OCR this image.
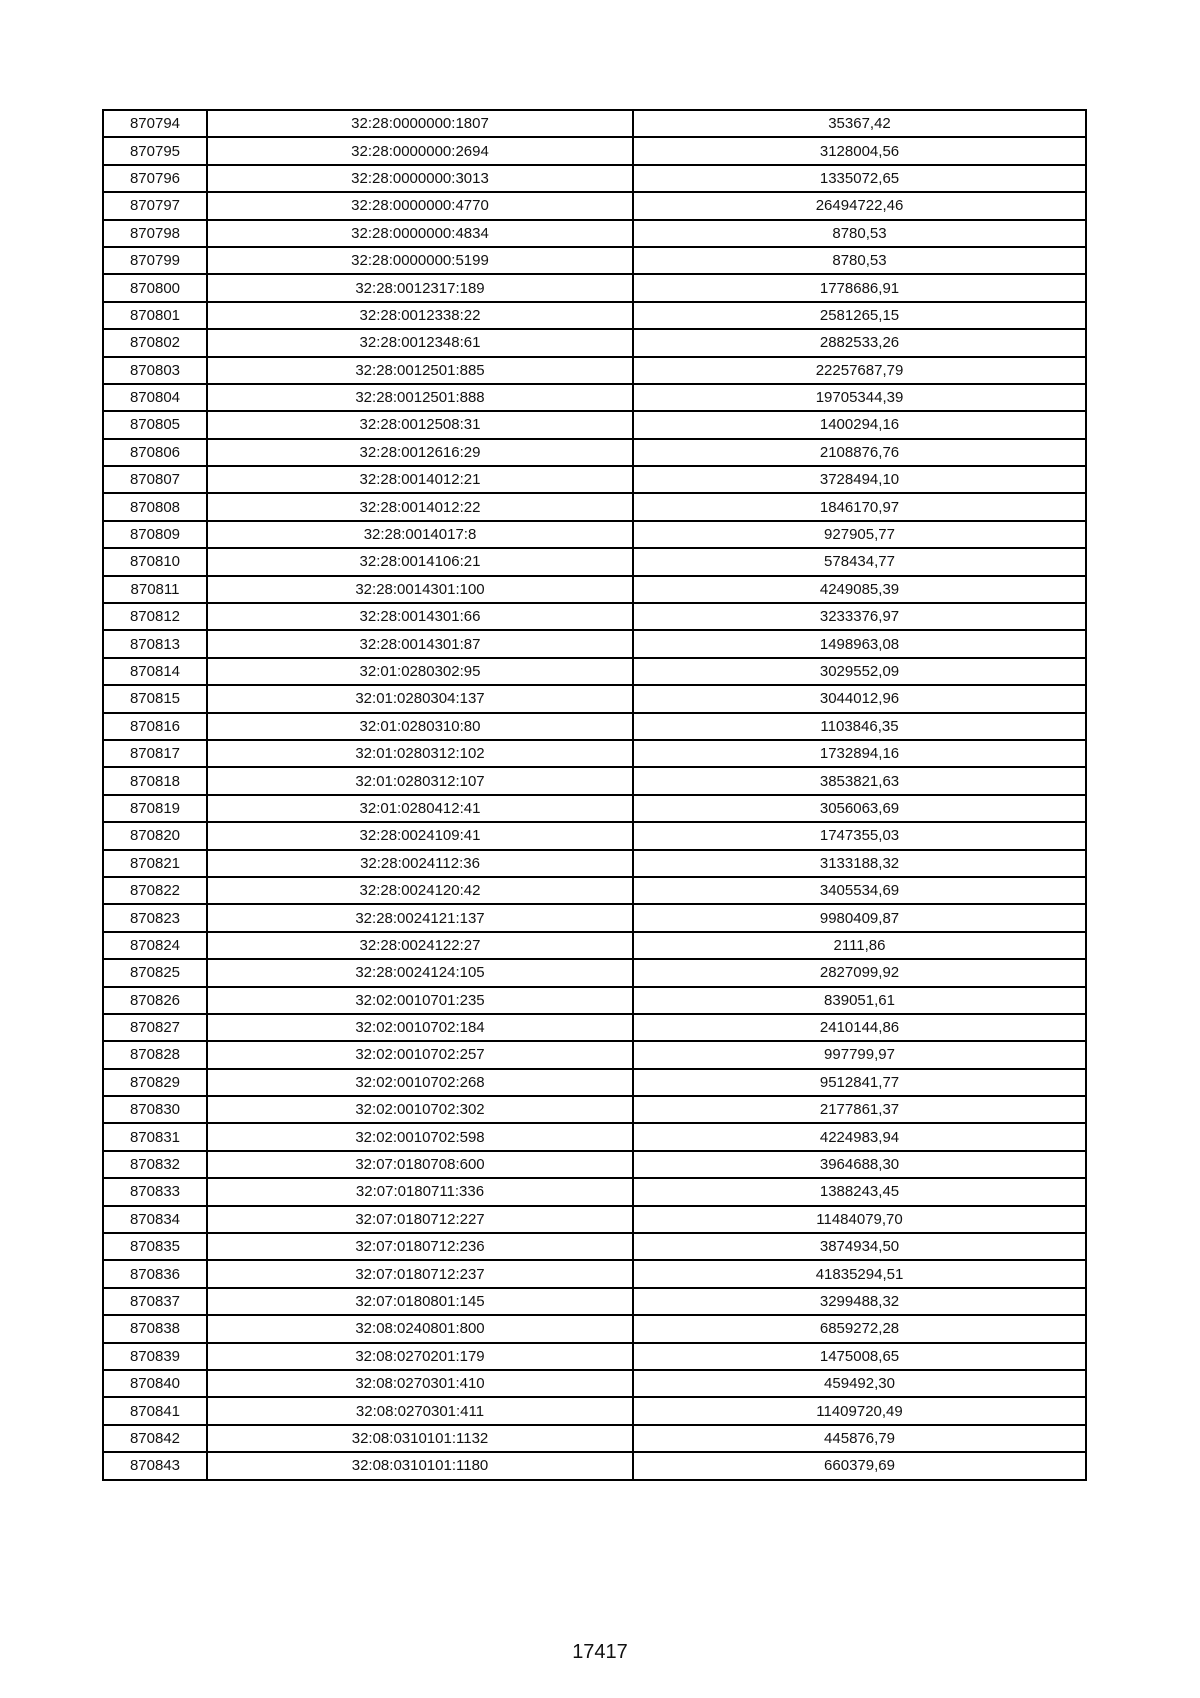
870794	32:28:0000000:1807	35367,42
870795	32:28:0000000:2694	3128004,56
870796	32:28:0000000:3013	1335072,65
870797	32:28:0000000:4770	26494722,46
870798	32:28:0000000:4834	8780,53
870799	32:28:0000000:5199	8780,53
870800	32:28:0012317:189	1778686,91
870801	32:28:0012338:22	2581265,15
870802	32:28:0012348:61	2882533,26
870803	32:28:0012501:885	22257687,79
870804	32:28:0012501:888	19705344,39
870805	32:28:0012508:31	1400294,16
870806	32:28:0012616:29	2108876,76
870807	32:28:0014012:21	3728494,10
870808	32:28:0014012:22	1846170,97
870809	32:28:0014017:8	927905,77
870810	32:28:0014106:21	578434,77
870811	32:28:0014301:100	4249085,39
870812	32:28:0014301:66	3233376,97
870813	32:28:0014301:87	1498963,08
870814	32:01:0280302:95	3029552,09
870815	32:01:0280304:137	3044012,96
870816	32:01:0280310:80	1103846,35
870817	32:01:0280312:102	1732894,16
870818	32:01:0280312:107	3853821,63
870819	32:01:0280412:41	3056063,69
870820	32:28:0024109:41	1747355,03
870821	32:28:0024112:36	3133188,32
870822	32:28:0024120:42	3405534,69
870823	32:28:0024121:137	9980409,87
870824	32:28:0024122:27	2111,86
870825	32:28:0024124:105	2827099,92
870826	32:02:0010701:235	839051,61
870827	32:02:0010702:184	2410144,86
870828	32:02:0010702:257	997799,97
870829	32:02:0010702:268	9512841,77
870830	32:02:0010702:302	2177861,37
870831	32:02:0010702:598	4224983,94
870832	32:07:0180708:600	3964688,30
870833	32:07:0180711:336	1388243,45
870834	32:07:0180712:227	11484079,70
870835	32:07:0180712:236	3874934,50
870836	32:07:0180712:237	41835294,51
870837	32:07:0180801:145	3299488,32
870838	32:08:0240801:800	6859272,28
870839	32:08:0270201:179	1475008,65
870840	32:08:0270301:410	459492,30
870841	32:08:0270301:411	11409720,49
870842	32:08:0310101:1132	445876,79
870843	32:08:0310101:1180	660379,69
17417
